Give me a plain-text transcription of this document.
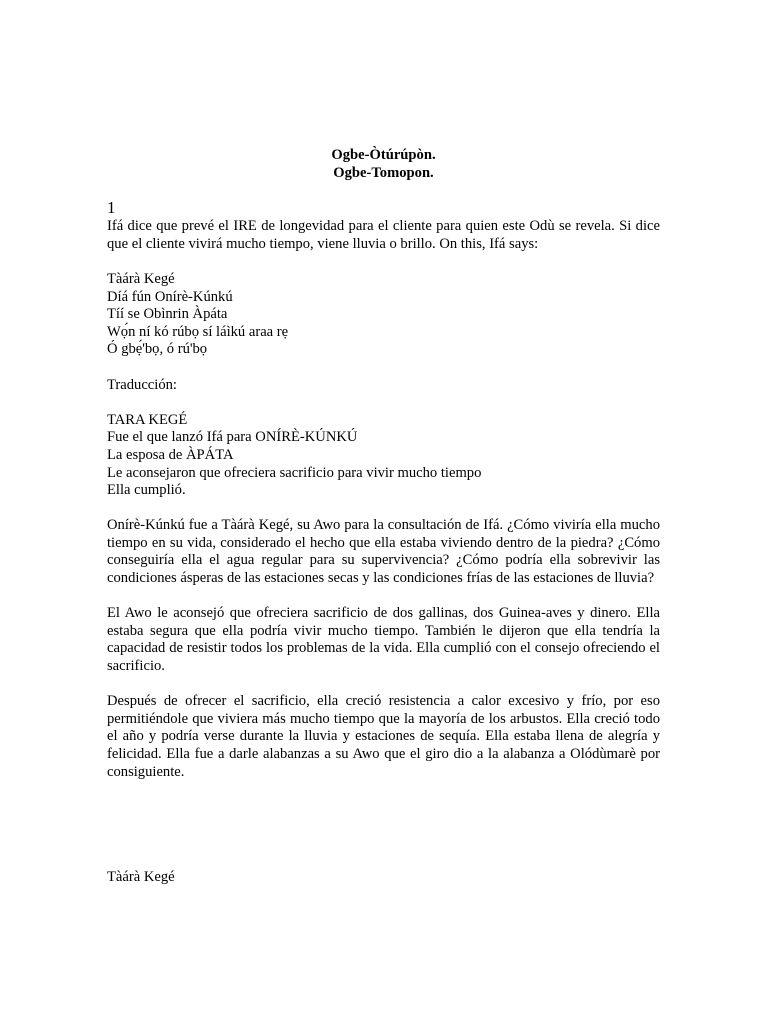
Ogbe-Òtúrúpòn.
Ogbe-Tomopon.
1

Ifá dice que prevé el IRE de longevidad para el cliente para quien este Odù se revela. Si dice que el cliente vivirá mucho tiempo, viene lluvia o brillo. On this, Ifá says:

Tàárà Kegé
Díá fún Onírè-Kúnkú
Tíí se Obìnrin Àpáta
Wọ́n ní kó rúbọ sí láìkú araa rẹ
Ó gbẹ́'bọ, ó rú'bọ
Traducción:
TARA KEGÉ
Fue el que lanzó Ifá para ONÍRÈ-KÚNKÚ
La esposa de ÀPÁTA
Le aconsejaron que ofreciera sacrificio para vivir mucho tiempo
Ella cumplió.

Onírè-Kúnkú fue a Tàárà Kegé, su Awo para la consultación de Ifá. ¿Cómo viviría ella mucho tiempo en su vida, considerado el hecho que ella estaba viviendo dentro de la piedra? ¿Cómo conseguiría ella el agua regular para su supervivencia? ¿Cómo podría ella sobrevivir las condiciones ásperas de las estaciones secas y las condiciones frías de las estaciones de lluvia?

El Awo le aconsejó que ofreciera sacrificio de dos gallinas, dos Guinea-aves y dinero. Ella estaba segura que ella podría vivir mucho tiempo. También le dijeron que ella tendría la capacidad de resistir todos los problemas de la vida. Ella cumplió con el consejo ofreciendo el sacrificio.

Después de ofrecer el sacrificio, ella creció resistencia a calor excesivo y frío, por eso permitiéndole que viviera más mucho tiempo que la mayoría de los arbustos. Ella creció todo el año y podría verse durante la lluvia y estaciones de sequía. Ella estaba llena de alegría y felicidad. Ella fue a darle alabanzas a su Awo que el giro dio a la alabanza a Olódùmarè por consiguiente.

Tàárà Kegé
